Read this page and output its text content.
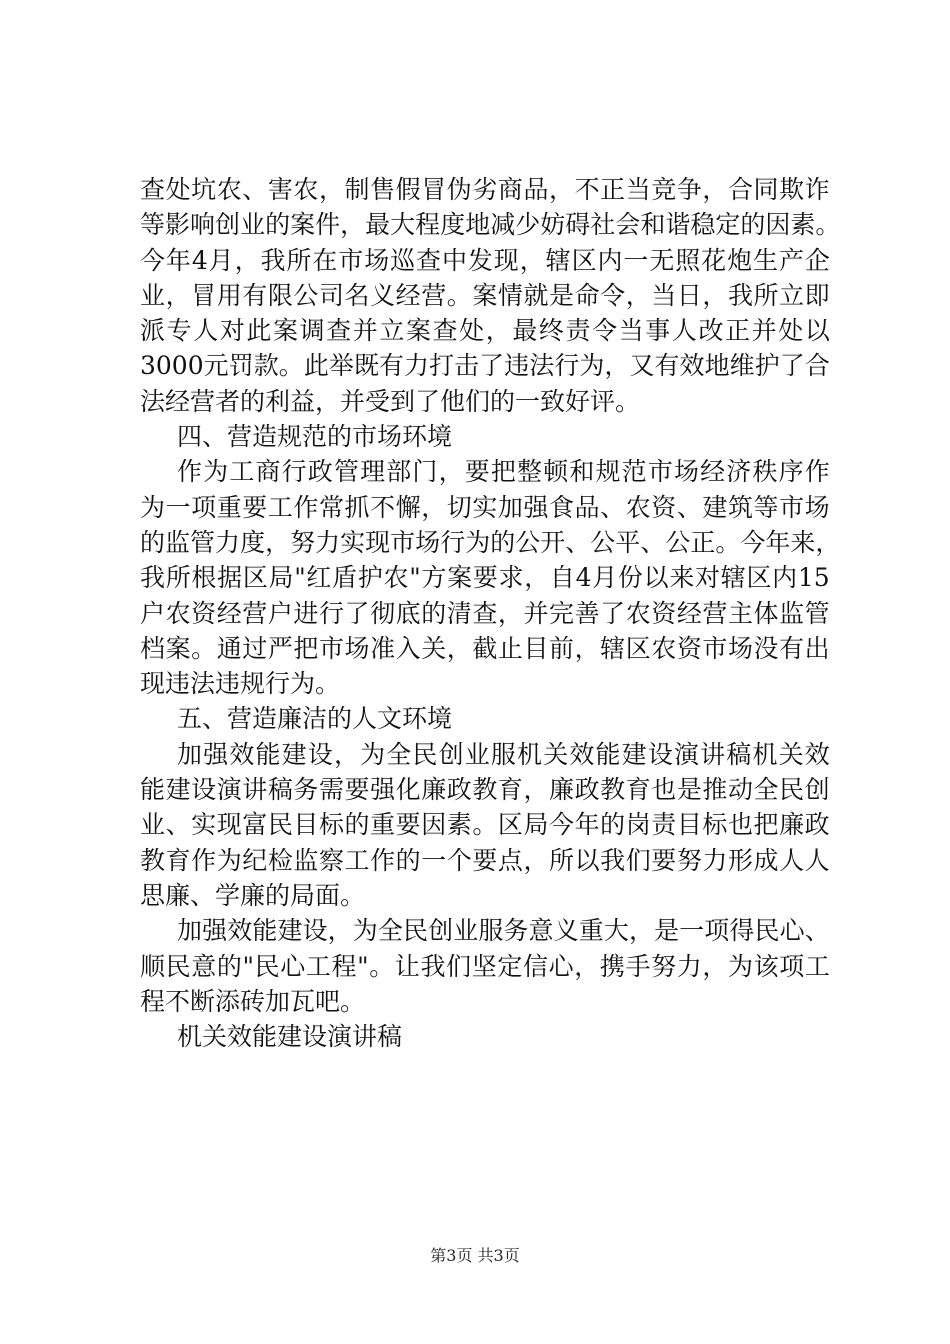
查 处 坑 农 、 害 农 ， 制 售 假 冒 伪 劣 商 品 ， 不 正 当 竞 争 ， 合 同 欺 诈
等 影 响 创 业 的 案 件 ， 最 大 程 度 地 减 少 妨 碍 社 会 和 谐 稳 定 的 因 素 。
今 年 4 月 ， 我 所 在 市 场 巡 查 中 发 现 ， 辖 区 内 一 无 照 花 炮 生 产 企
业 ， 冒 用 有 限 公 司 名 义 经 营 。 案 情 就 是 命 令 ， 当 日 ， 我 所 立 即
派 专 人 对 此 案 调 查 并 立 案 查 处 ， 最 终 责 令 当 事 人 改 正 并 处 以
3000 元 罚 款 。 此 举 既 有 力 打 击 了 违 法 行 为 ， 又 有 效 地 维 护 了 合
法经营者的利益，并受到了他们的一致好评。
四、营造规范的市场环境
作 为 工 商 行 政 管 理 部 门 ， 要 把 整 顿 和 规 范 市 场 经 济 秩 序 作
为 一 项 重 要 工 作 常 抓 不 懈 ， 切 实 加 强 食 品 、 农 资 、 建 筑 等 市 场
的 监 管 力 度 ， 努 力 实 现 市 场 行 为 的 公 开 、 公 平 、 公 正 。 今 年 来 ，
我 所 根 据 区 局 " 红 盾 护 农 " 方 案 要 求 ， 自 4 月 份 以 来 对 辖 区 内 15
户 农 资 经 营 户 进 行 了 彻 底 的 清 查 ， 并 完 善 了 农 资 经 营 主 体 监 管
档 案 。 通 过 严 把 市 场 准 入 关 ， 截 止 目 前 ， 辖 区 农 资 市 场 没 有 出
现违法违规行为。
五、营造廉洁的人文环境
加 强 效 能 建 设 ， 为 全 民 创 业 服 机 关 效 能 建 设 演 讲 稿 机 关 效
能 建 设 演 讲 稿 务 需 要 强 化 廉 政 教 育 ， 廉 政 教 育 也 是 推 动 全 民 创
业 、 实 现 富 民 目 标 的 重 要 因 素 。 区 局 今 年 的 岗 责 目 标 也 把 廉 政
教 育 作 为 纪 检 监 察 工 作 的 一 个 要 点 ， 所 以 我 们 要 努 力 形 成 人 人
思廉、学廉的局面。
加 强 效 能 建 设 ， 为 全 民 创 业 服 务 意 义 重 大 ， 是 一 项 得 民 心 、
顺 民 意 的 " 民 心 工 程 " 。 让 我 们 坚 定 信 心 ， 携 手 努 力 ， 为 该 项 工
程不断添砖加瓦吧。
机关效能建设演讲稿
第3页 共3页
